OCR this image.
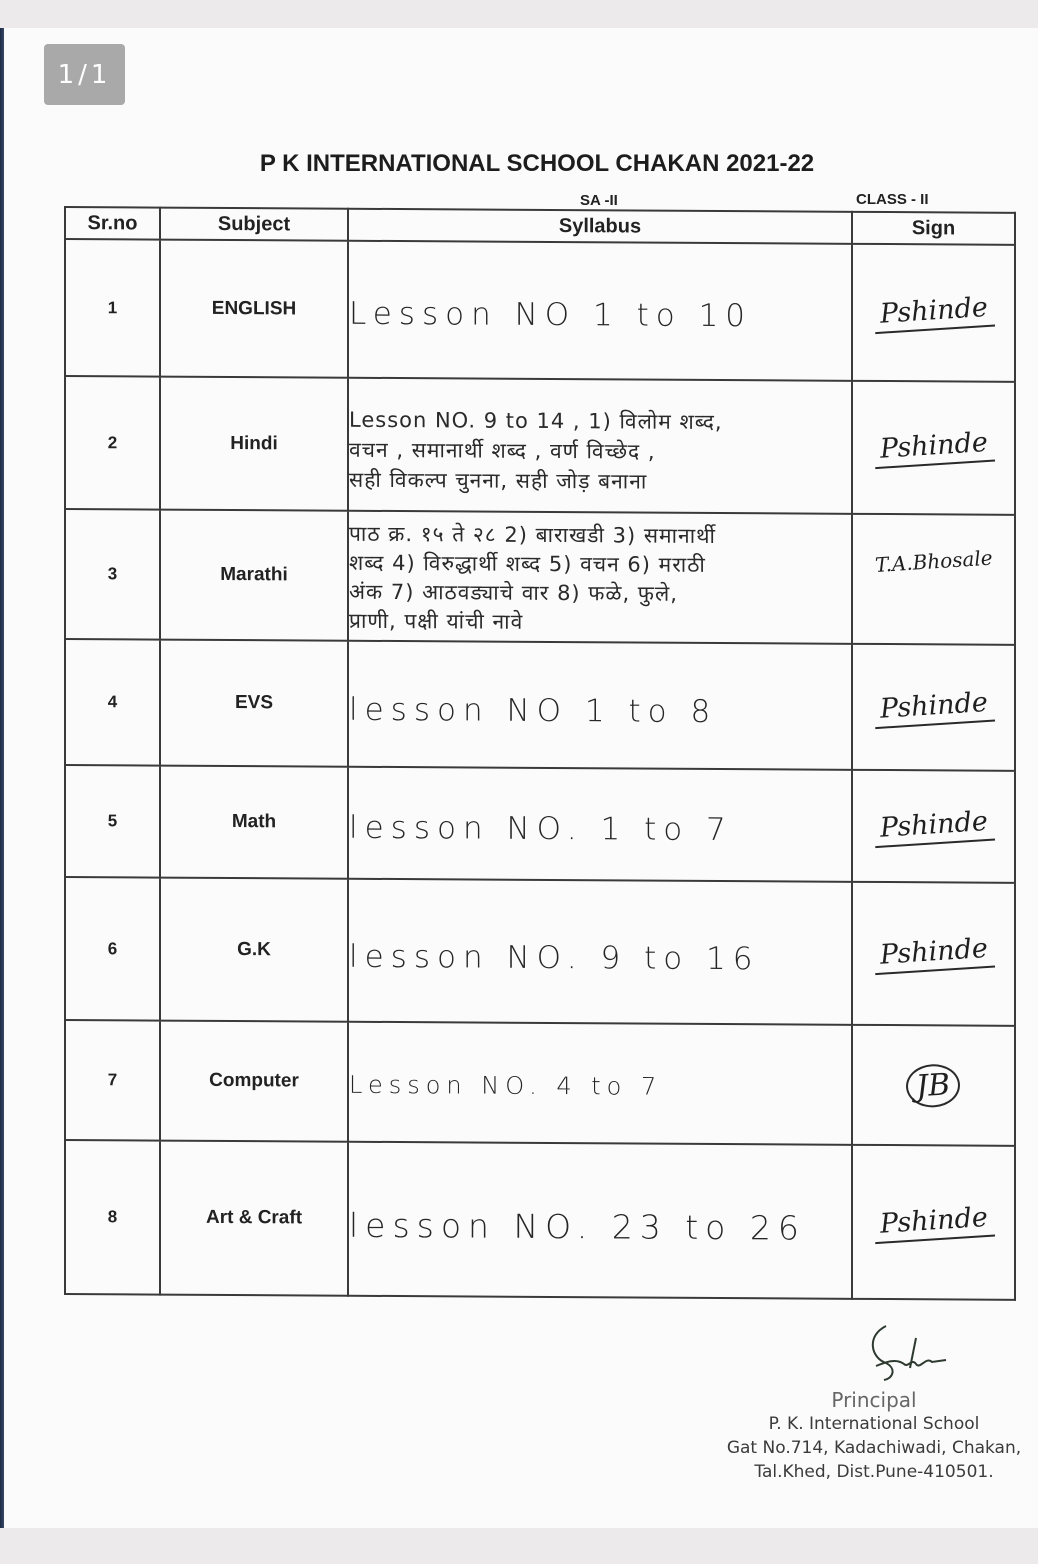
1/1
P K INTERNATIONAL SCHOOL CHAKAN 2021-22
SA -II	CLASS - II
Sr.no	Subject	Syllabus	Sign
1	ENGLISH	Lesson NO 1 to 10	Pshinde
2	Hindi	Lesson NO. 9 to 14 , 1) विलोम शब्द,
वचन , समानार्थी शब्द , वर्ण विच्छेद ,
सही विकल्प चुनना, सही जोड़ बनाना	Pshinde
3	Marathi	पाठ क्र. १५ ते २८ 2) बाराखडी 3) समानार्थी
शब्द 4) विरुद्धार्थी शब्द 5) वचन 6) मराठी
अंक 7) आठवड्याचे वार 8) फळे, फुले,
प्राणी, पक्षी यांची नावे	T.A.Bhosale
4	EVS	lesson NO 1 to 8	Pshinde
5	Math	lesson NO. 1 to 7	Pshinde
6	G.K	lesson NO. 9 to 16	Pshinde
7	Computer	Lesson NO. 4 to 7	JB
8	Art & Craft	lesson NO. 23 to 26	Pshinde
Principal
P. K. International School
Gat No.714, Kadachiwadi, Chakan,
Tal.Khed, Dist.Pune-410501.
